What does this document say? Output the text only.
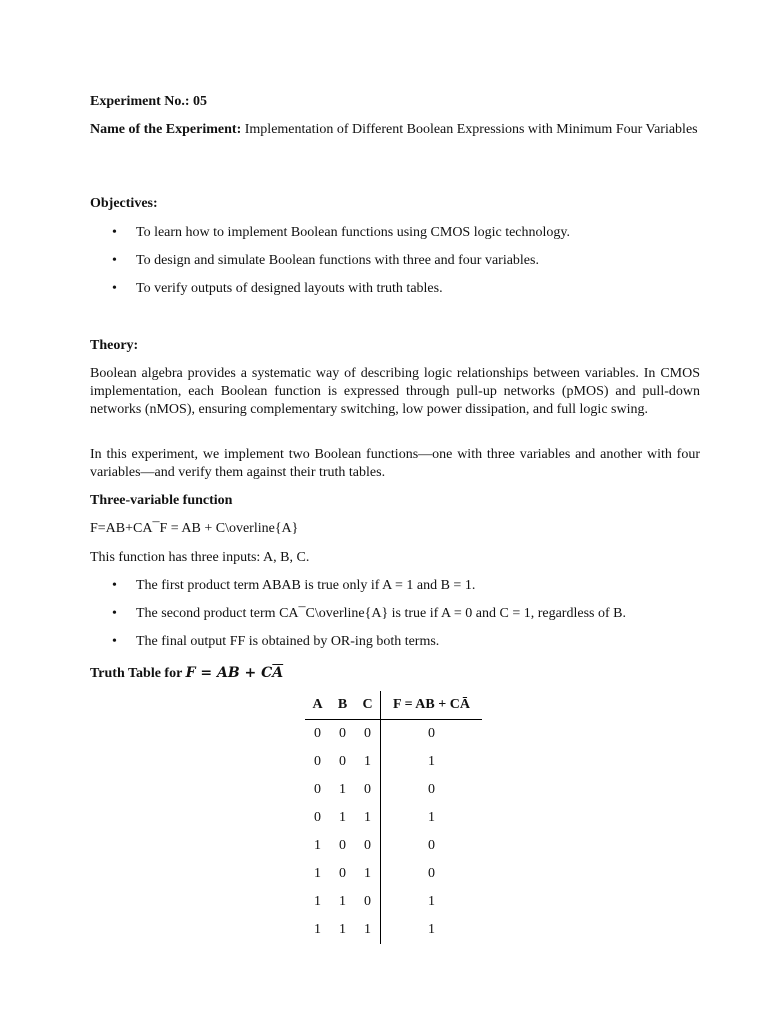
Experiment No.: 05
Name of the Experiment: Implementation of Different Boolean Expressions with Minimum Four Variables
Objectives:
• To learn how to implement Boolean functions using CMOS logic technology.
• To design and simulate Boolean functions with three and four variables.
• To verify outputs of designed layouts with truth tables.
Theory:
Boolean algebra provides a systematic way of describing logic relationships between variables. In CMOS implementation, each Boolean function is expressed through pull-up networks (pMOS) and pull-down networks (nMOS), ensuring complementary switching, low power dissipation, and full logic swing.
In this experiment, we implement two Boolean functions—one with three variables and another with four variables—and verify them against their truth tables.
Three-variable function
F=AB+CA¯F = AB + C\overline{A}
This function has three inputs: A, B, C.
• The first product term ABAB is true only if A = 1 and B = 1.
• The second product term CA¯C\overline{A} is true if A = 0 and C = 1, regardless of B.
• The final output FF is obtained by OR-ing both terms.
Truth Table for F = AB + $C\overline{A}$
A	B	C	F = AB + CĀ
0	0	0	0
0	0	1	1
0	1	0	0
0	1	1	1
1	0	0	0
1	0	1	0
1	1	0	1
1	1	1	1
